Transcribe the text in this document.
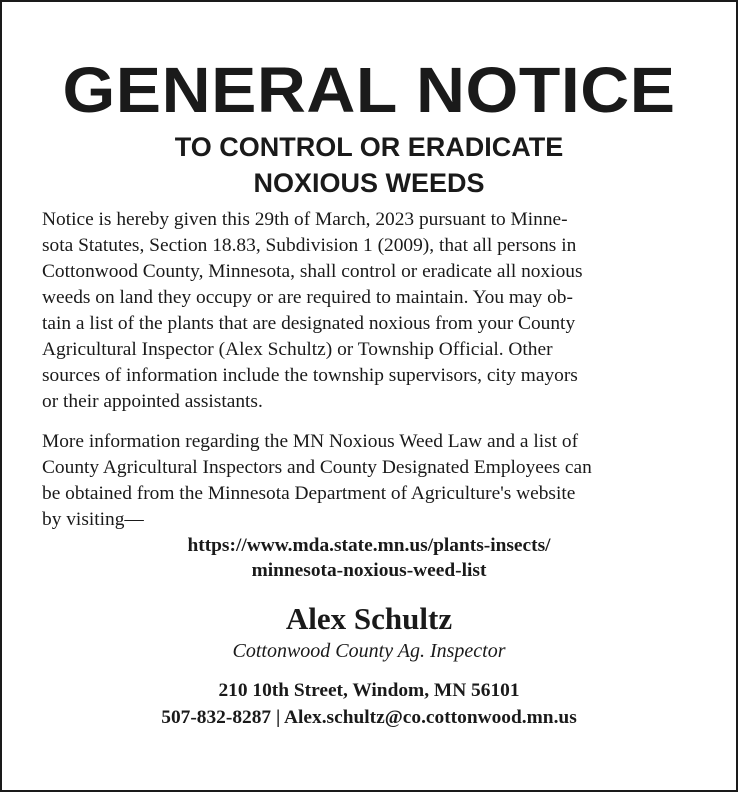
GENERAL NOTICE
TO CONTROL OR ERADICATE
NOXIOUS WEEDS

Notice is hereby given this 29th of March, 2023 pursuant to Minne-
sota Statutes, Section 18.83, Subdivision 1 (2009), that all persons in
Cottonwood County, Minnesota, shall control or eradicate all noxious
weeds on land they occupy or are required to maintain. You may ob-
tain a list of the plants that are designated noxious from your County
Agricultural Inspector (Alex Schultz) or Township Official. Other
sources of information include the township supervisors, city mayors
or their appointed assistants.

More information regarding the MN Noxious Weed Law and a list of
County Agricultural Inspectors and County Designated Employees can
be obtained from the Minnesota Department of Agriculture's website
by visiting—

https://www.mda.state.mn.us/plants-insects/
minnesota-noxious-weed-list
Alex Schultz
Cottonwood County Ag. Inspector
210 10th Street, Windom, MN 56101
507-832-8287 | Alex.schultz@co.cottonwood.mn.us
